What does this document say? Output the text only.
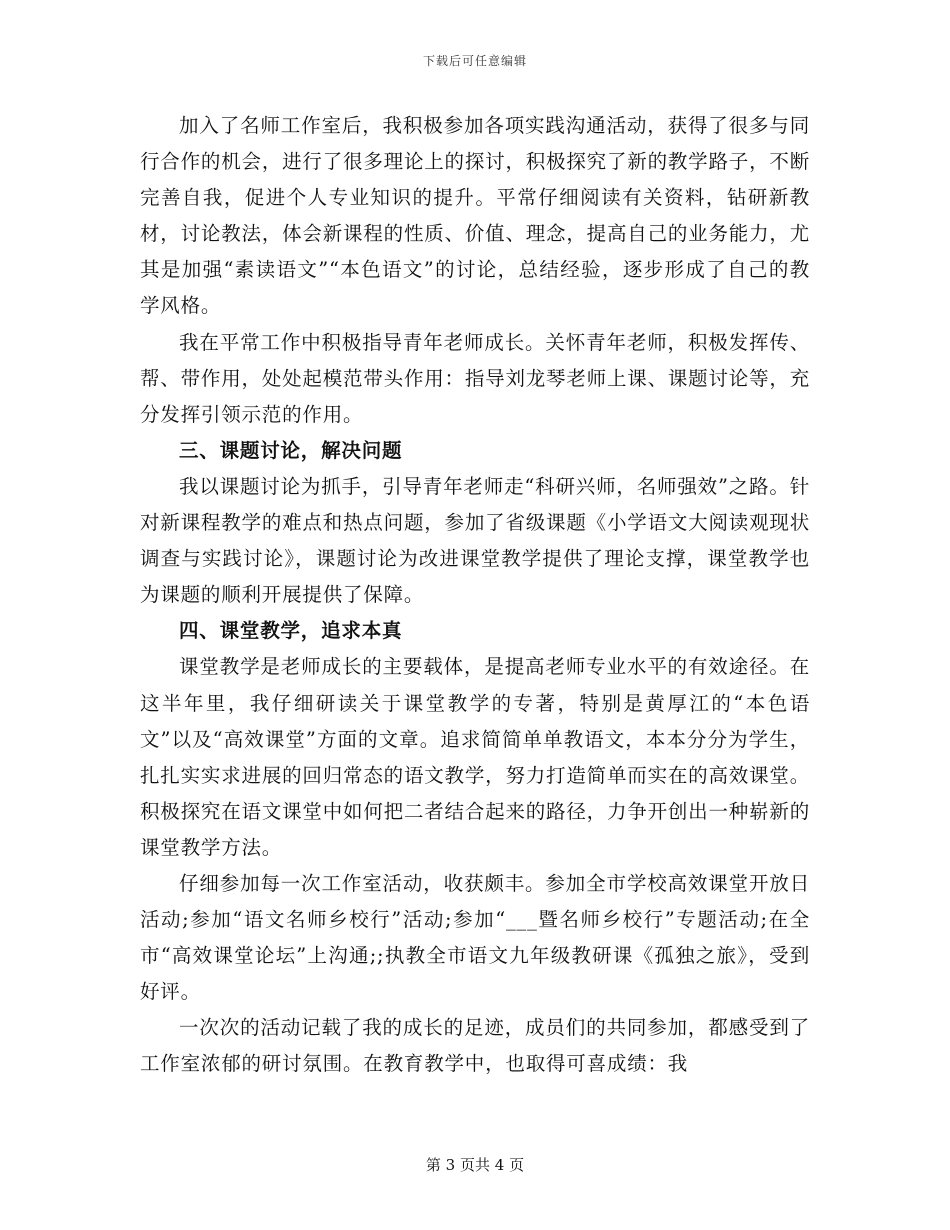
下载后可任意编辑

加入了名师工作室后，我积极参加各项实践沟通活动，获得了很多与同行合作的机会，进行了很多理论上的探讨，积极探究了新的教学路子，不断完善自我，促进个人专业知识的提升。平常仔细阅读有关资料，钻研新教材，讨论教法，体会新课程的性质、价值、理念，提高自己的业务能力，尤其是加强“素读语文”“本色语文”的讨论，总结经验，逐步形成了自己的教学风格。

我在平常工作中积极指导青年老师成长。关怀青年老师，积极发挥传、帮、带作用，处处起模范带头作用：指导刘龙琴老师上课、课题讨论等，充分发挥引领示范的作用。

三、课题讨论，解决问题

我以课题讨论为抓手，引导青年老师走“科研兴师，名师强效”之路。针对新课程教学的难点和热点问题，参加了省级课题《小学语文大阅读观现状调查与实践讨论》，课题讨论为改进课堂教学提供了理论支撑，课堂教学也为课题的顺利开展提供了保障。

四、课堂教学，追求本真

课堂教学是老师成长的主要载体，是提高老师专业水平的有效途径。在这半年里，我仔细研读关于课堂教学的专著，特别是黄厚江的“本色语文”以及“高效课堂”方面的文章。追求简简单单教语文，本本分分为学生，扎扎实实求进展的回归常态的语文教学，努力打造简单而实在的高效课堂。积极探究在语文课堂中如何把二者结合起来的路径，力争开创出一种崭新的课堂教学方法。

仔细参加每一次工作室活动，收获颇丰。参加全市学校高效课堂开放日活动;参加“语文名师乡校行”活动;参加“___暨名师乡校行”专题活动;在全市“高效课堂论坛”上沟通;;执教全市语文九年级教研课《孤独之旅》，受到好评。

一次次的活动记载了我的成长的足迹，成员们的共同参加，都感受到了工作室浓郁的研讨氛围。在教育教学中，也取得可喜成绩：我

第 3 页共 4 页
